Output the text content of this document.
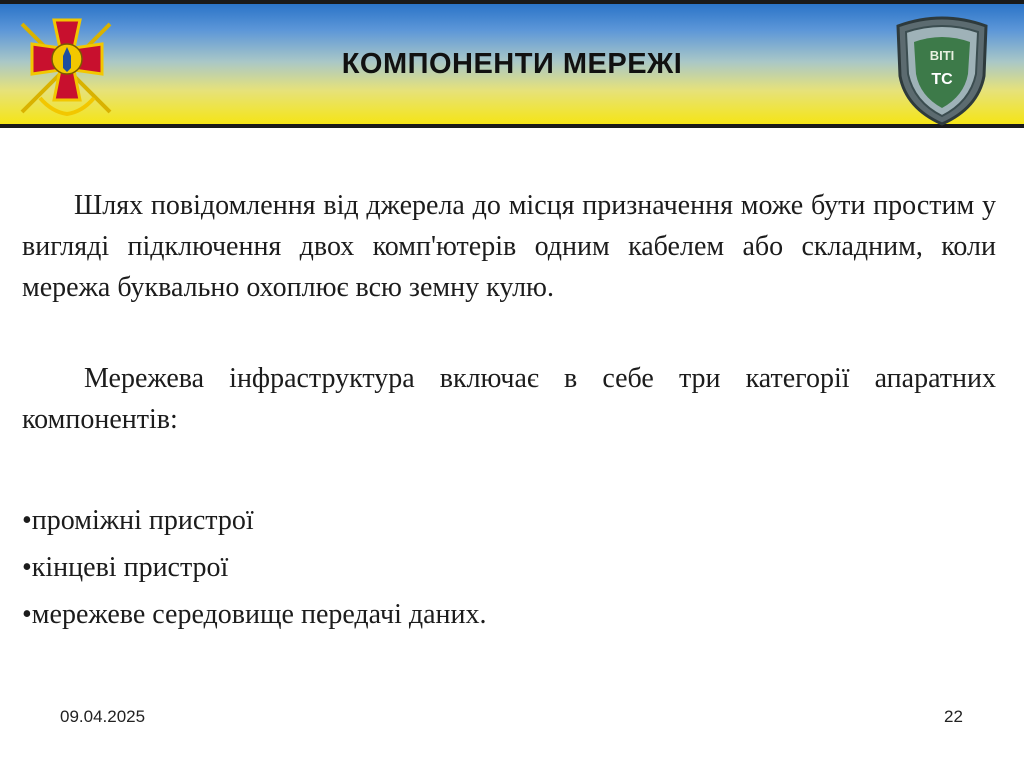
КОМПОНЕНТИ МЕРЕЖІ	ВІТІ
ТС
Шлях повідомлення від джерела до місця призначення може бути простим у вигляді підключення двох комп'ютерів одним кабелем або складним, коли мережа буквально охоплює всю земну кулю.
Мережева інфраструктура включає в себе три категорії апаратних компонентів:
•проміжні пристрої
•кінцеві пристрої
•мережеве середовище передачі даних.
09.04.2025	22
